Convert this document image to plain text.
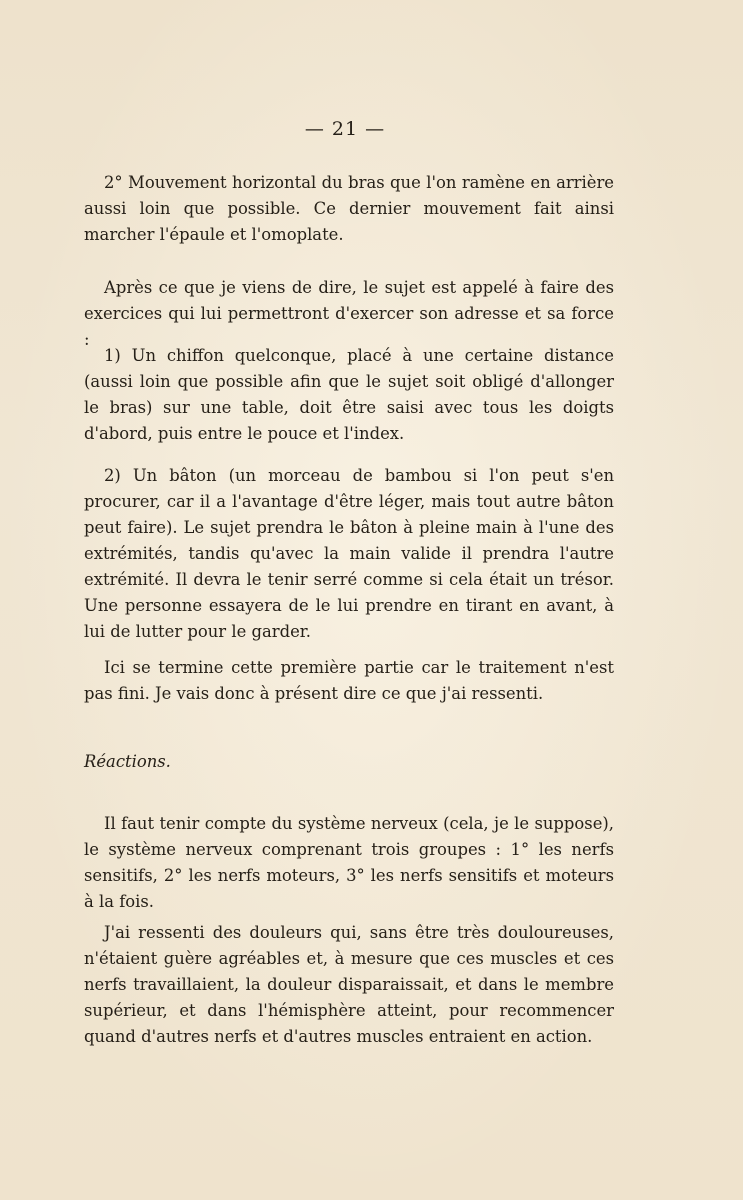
— 21 —

2° Mouvement horizontal du bras que l'on ramène en arrière aussi loin que possible. Ce dernier mouvement fait ainsi marcher l'épaule et l'omoplate.

Après ce que je viens de dire, le sujet est appelé à faire des exercices qui lui permettront d'exercer son adresse et sa force :

1) Un chiffon quelconque, placé à une certaine distance (aussi loin que possible afin que le sujet soit obligé d'allonger le bras) sur une table, doit être saisi avec tous les doigts d'abord, puis entre le pouce et l'index.

2) Un bâton (un morceau de bambou si l'on peut s'en procurer, car il a l'avantage d'être léger, mais tout autre bâton peut faire). Le sujet prendra le bâton à pleine main à l'une des extrémités, tandis qu'avec la main valide il prendra l'autre extrémité. Il devra le tenir serré comme si cela était un trésor. Une personne essayera de le lui prendre en tirant en avant, à lui de lutter pour le garder.

Ici se termine cette première partie car le traitement n'est pas fini. Je vais donc à présent dire ce que j'ai ressenti.

Réactions.

Il faut tenir compte du système nerveux (cela, je le suppose), le système nerveux comprenant trois groupes : 1° les nerfs sensitifs, 2° les nerfs moteurs, 3° les nerfs sensitifs et moteurs à la fois.

J'ai ressenti des douleurs qui, sans être très douloureuses, n'étaient guère agréables et, à mesure que ces muscles et ces nerfs travaillaient, la douleur disparaissait, et dans le membre supérieur, et dans l'hémisphère atteint, pour recommencer quand d'autres nerfs et d'autres muscles entraient en action.
